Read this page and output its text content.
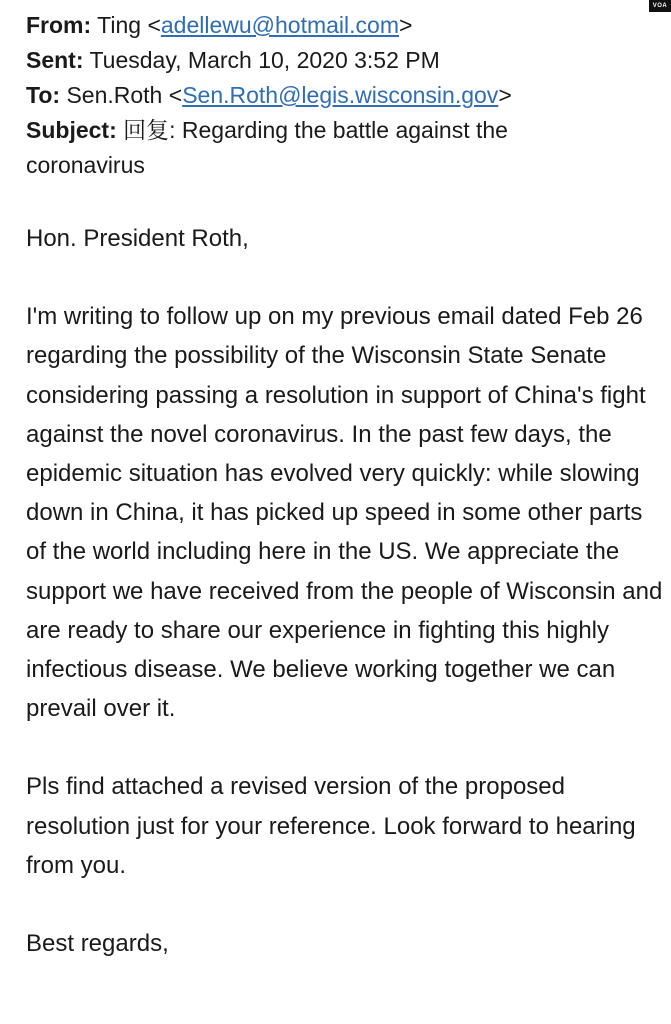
VOA
From: Ting <adellewu@hotmail.com>
Sent: Tuesday, March 10, 2020 3:52 PM
To: Sen.Roth <Sen.Roth@legis.wisconsin.gov>
Subject: 回复: Regarding the battle against the coronavirus

Hon. President Roth,

I'm writing to follow up on my previous email dated Feb 26 regarding the possibility of the Wisconsin State Senate considering passing a resolution in support of China's fight against the novel coronavirus. In the past few days, the epidemic situation has evolved very quickly: while slowing down in China, it has picked up speed in some other parts of the world including here in the US. We appreciate the support we have received from the people of Wisconsin and are ready to share our experience in fighting this highly infectious disease. We believe working together we can prevail over it.

Pls find attached a revised version of the proposed resolution just for your reference. Look forward to hearing from you.

Best regards,
